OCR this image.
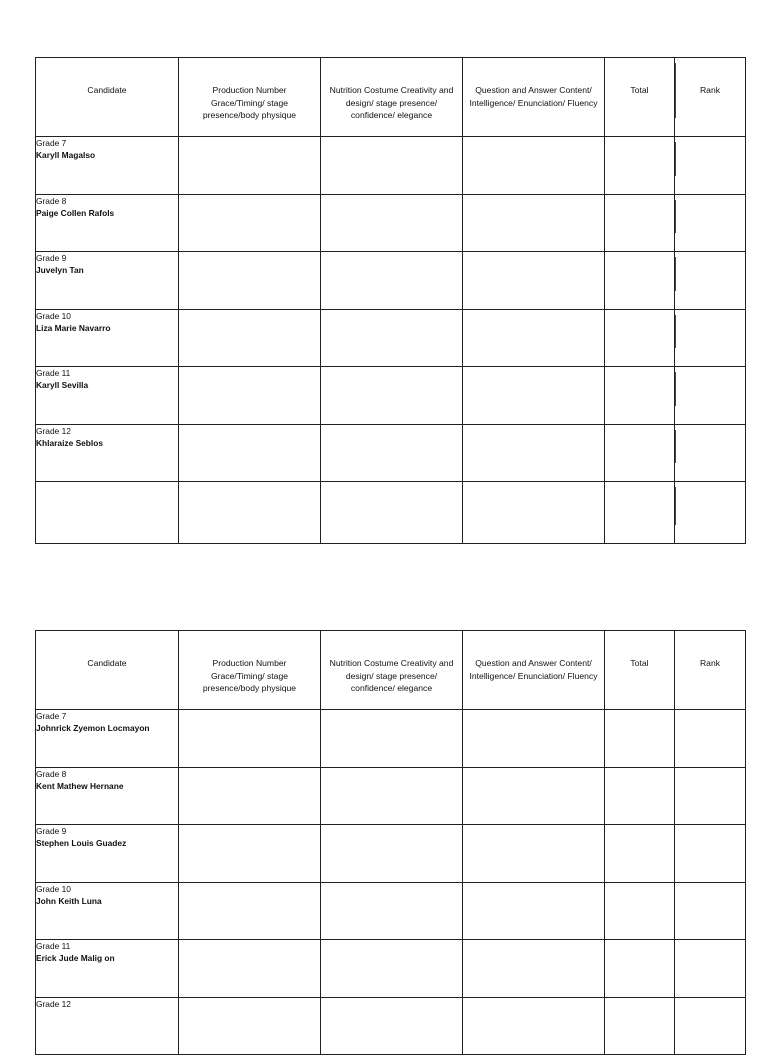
Candidate	Production Number Grace/Timing/ stage presence/body physique	Nutrition Costume Creativity and design/ stage presence/ confidence/ elegance	Question and Answer Content/ Intelligence/ Enunciation/ Fluency	Total	Rank

Grade 7
Karyll Magalso					

Grade 8
Paige Collen Rafols					

Grade 9
Juvelyn Tan					

Grade 10
Liza Marie Navarro					

Grade 11
Karyll Sevilla					

Grade 12
Khlaraize Seblos					

Candidate	Production Number Grace/Timing/ stage presence/body physique	Nutrition Costume Creativity and design/ stage presence/ confidence/ elegance	Question and Answer Content/ Intelligence/ Enunciation/ Fluency	Total	Rank

Grade 7
Johnrick Zyemon Locmayon					

Grade 8
Kent Mathew Hernane					

Grade 9
Stephen Louis Guadez					

Grade 10
John Keith Luna					

Grade 11
Erick Jude Malig on					

Grade 12					
